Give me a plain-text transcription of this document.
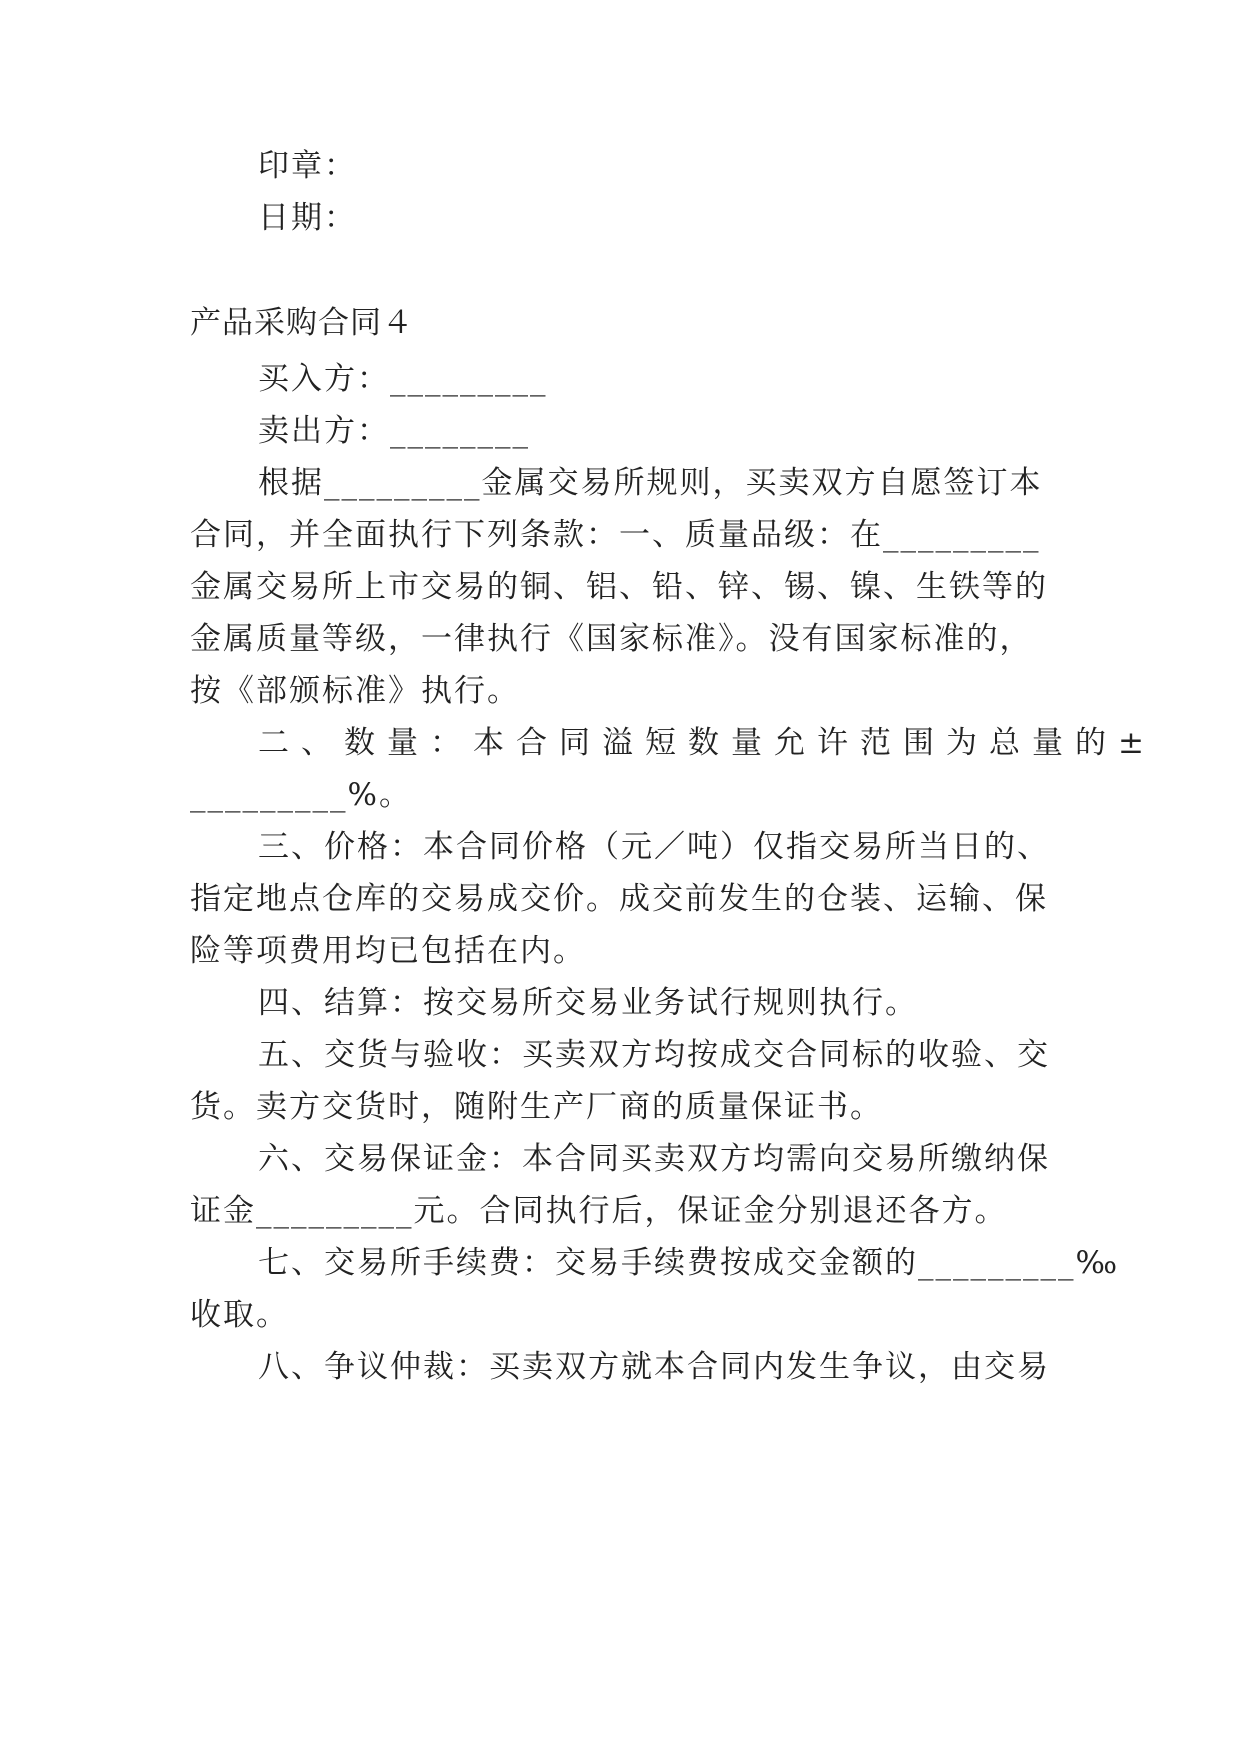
印章：
日期：
产品采购合同４
买入方：_________
卖出方：________
根据_________金属交易所规则，买卖双方自愿签订本
合同，并全面执行下列条款：一、质量品级：在_________
金属交易所上市交易的铜、铝、铅、锌、锡、镍、生铁等的
金属质量等级，一律执行《国家标准》。没有国家标准的，
按《部颁标准》执行。
二、数量：本合同溢短数量允许范围为总量的±
_________%。
三、价格：本合同价格（元／吨）仅指交易所当日的、
指定地点仓库的交易成交价。成交前发生的仓装、运输、保
险等项费用均已包括在内。
四、结算：按交易所交易业务试行规则执行。
五、交货与验收：买卖双方均按成交合同标的收验、交
货。卖方交货时，随附生产厂商的质量保证书。
六、交易保证金：本合同买卖双方均需向交易所缴纳保
证金_________元。合同执行后，保证金分别退还各方。
七、交易所手续费：交易手续费按成交金额的_________‰
收取。
八、争议仲裁：买卖双方就本合同内发生争议，由交易
